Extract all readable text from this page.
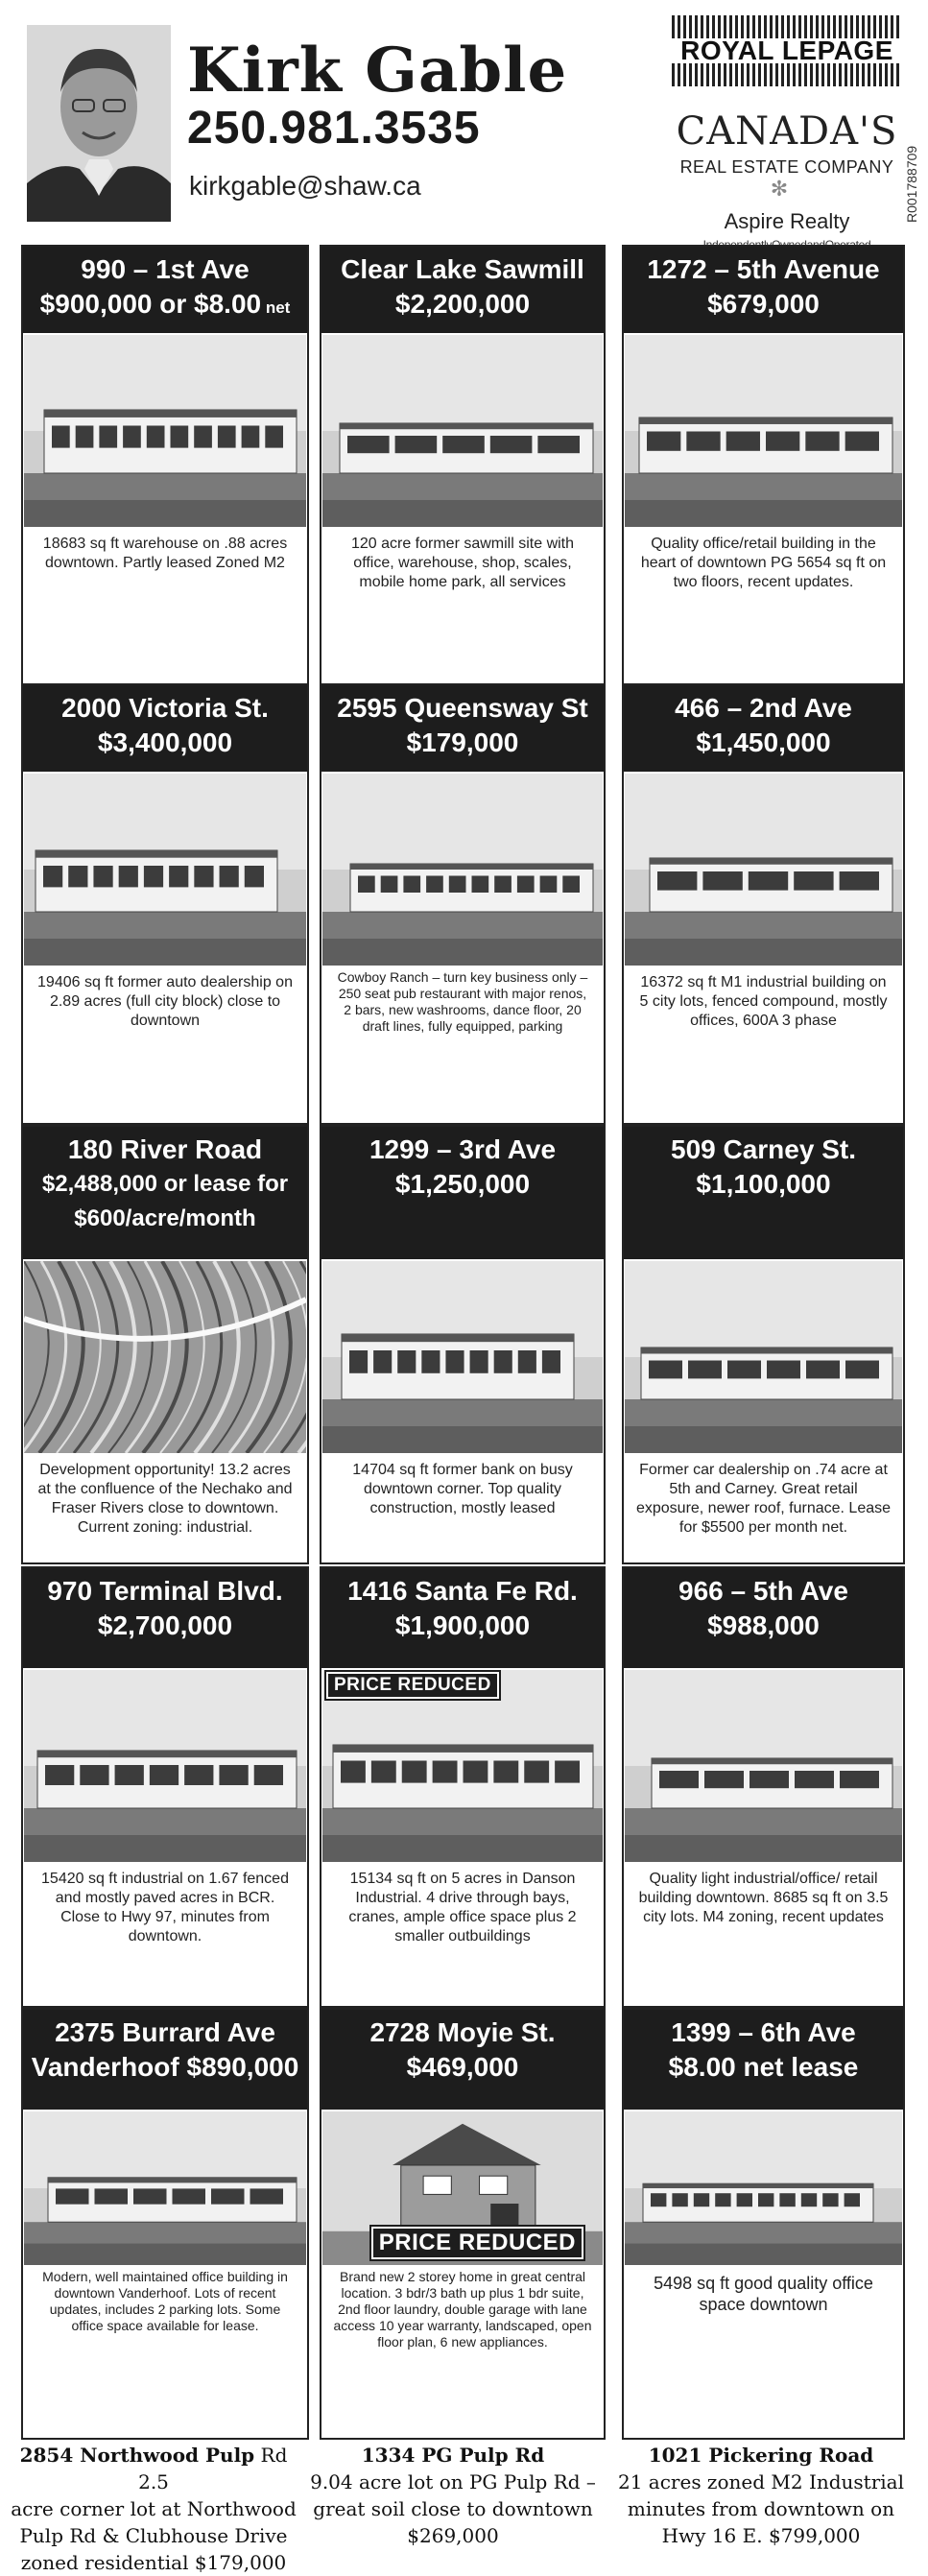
Kirk Gable
250.981.3535
kirkgable@shaw.ca
ROYAL LEPAGE
CANADA'S
REAL ESTATE COMPANY
✻
Aspire Realty	R001788709
990 – 1st Ave
$900,000 or $8.00 net
18683 sq ft warehouse on .88 acres downtown. Partly leased Zoned M2
Clear Lake Sawmill
$2,200,000
120 acre former sawmill site with office, warehouse, shop, scales, mobile home park, all services
1272 – 5th Avenue
$679,000
Quality office/retail building in the heart of downtown PG 5654 sq ft on two floors, recent updates.
2000 Victoria St.
$3,400,000
19406 sq ft former auto dealership on 2.89 acres (full city block) close to downtown
2595 Queensway St
$179,000
Cowboy Ranch – turn key business only – 250 seat pub restaurant with major renos, 2 bars, new washrooms, dance floor, 20 draft lines, fully equipped, parking
466 – 2nd Ave
$1,450,000
16372 sq ft M1 industrial building on 5 city lots, fenced compound, mostly offices, 600A 3 phase
180 River Road
$2,488,000 or lease for $600/acre/month
Development opportunity! 13.2 acres at the confluence of the Nechako and Fraser Rivers close to downtown. Current zoning: industrial.
1299 – 3rd Ave
$1,250,000
14704 sq ft former bank on busy downtown corner. Top quality construction, mostly leased
509 Carney St.
$1,100,000
Former car dealership on .74 acre at 5th and Carney. Great retail exposure, newer roof, furnace. Lease for $5500 per month net.
970 Terminal Blvd.
$2,700,000
15420 sq ft industrial on 1.67 fenced and mostly paved acres in BCR. Close to Hwy 97, minutes from downtown.
1416 Santa Fe Rd.
$1,900,000
PRICE REDUCED
15134 sq ft on 5 acres in Danson Industrial. 4 drive through bays, cranes, ample office space plus 2 smaller outbuildings
966 – 5th Ave
$988,000
Quality light industrial/office/ retail building downtown. 8685 sq ft on 3.5 city lots. M4 zoning, recent updates
2375 Burrard Ave
Vanderhoof $890,000
Modern, well maintained office building in downtown Vanderhoof. Lots of recent updates, includes 2 parking lots. Some office space available for lease.
2728 Moyie St.
$469,000
PRICE REDUCED
Brand new 2 storey home in great central location. 3 bdr/3 bath up plus 1 bdr suite, 2nd floor laundry, double garage with lane access 10 year warranty, landscaped, open floor plan, 6 new appliances.
1399 – 6th Ave
$8.00 net lease
5498 sq ft good quality office space downtown
2854 Northwood Pulp Rd 2.5
acre corner lot at Northwood
Pulp Rd & Clubhouse Drive
zoned residential $179,000
1334 PG Pulp Rd
9.04 acre lot on PG Pulp Rd –
great soil close to downtown
$269,000
1021 Pickering Road
21 acres zoned M2 Industrial
minutes from downtown on
Hwy 16 E. $799,000
